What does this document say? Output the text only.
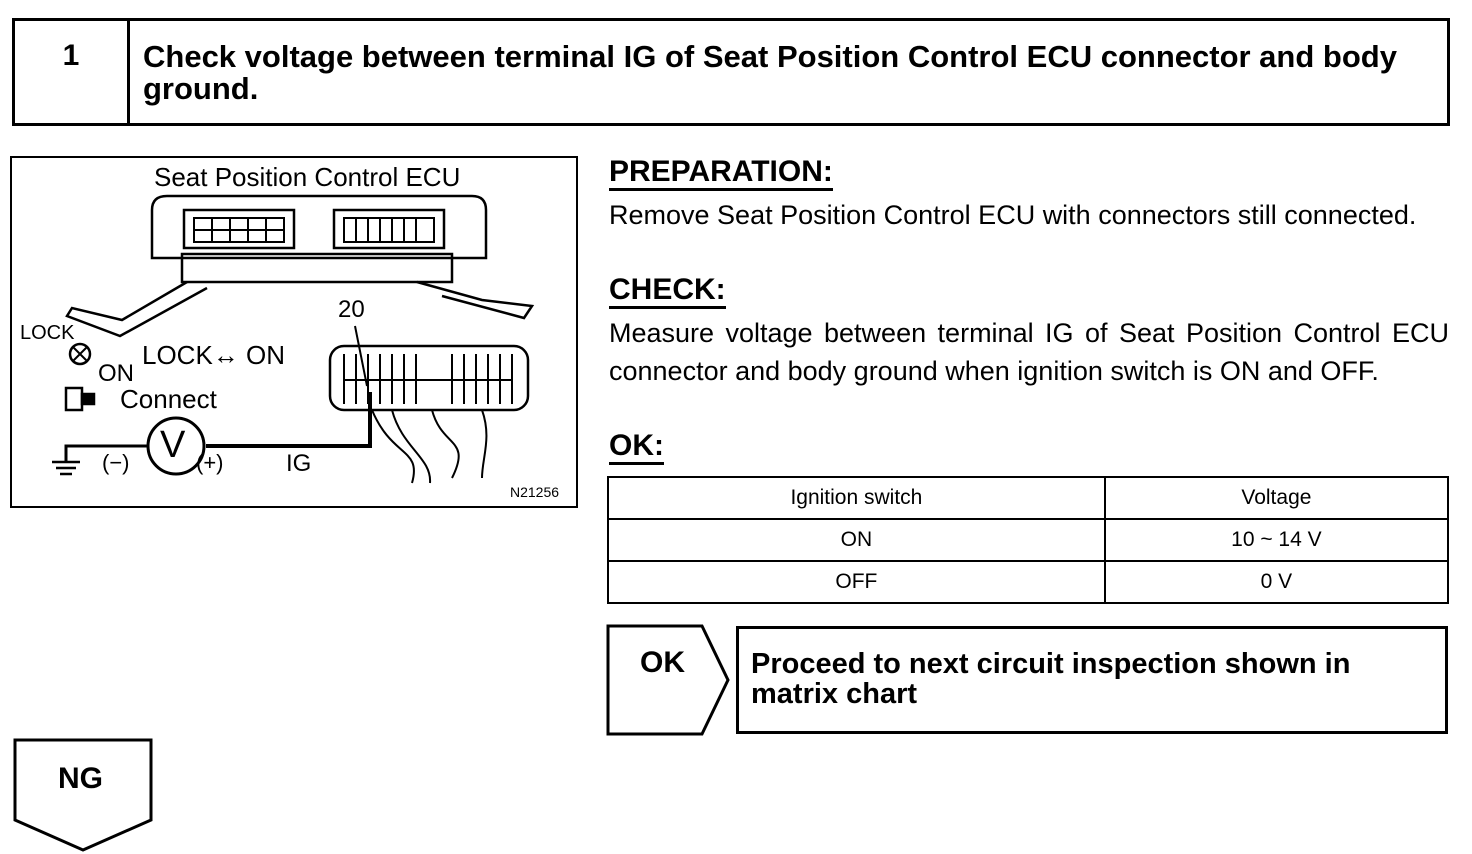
1	Check voltage between terminal IG of Seat Position Control ECU connector and body ground.
Seat Position Control ECU
20
LOCK
ON
LOCK↔ ON
Connect
V
(−)	(+)	IG
N21256
PREPARATION:
Remove Seat Position Control ECU with connectors still connected.
CHECK:
Measure voltage between terminal IG of Seat Position Control ECU connector and body ground when ignition switch is ON and OFF.
OK:
Ignition switch	Voltage
ON	10 ~ 14 V
OFF	0 V
OK Proceed to next circuit inspection shown in matrix chart
NG
